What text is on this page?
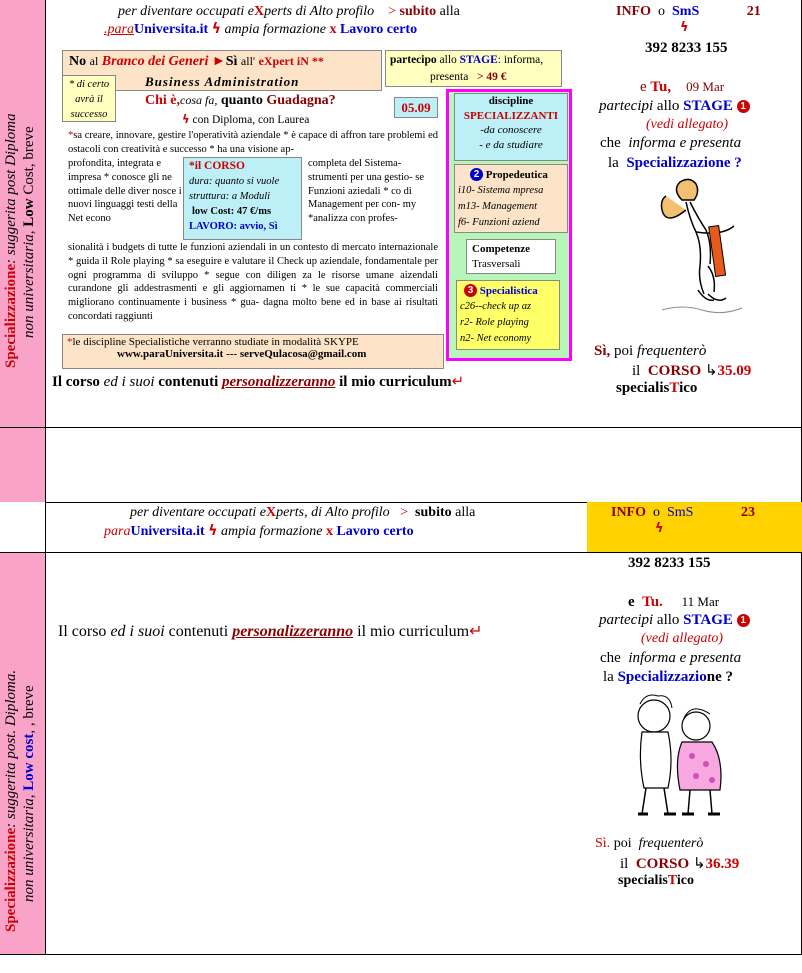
Specializzazione: suggerita post Diploma
non universitaria, Low Cost, breve
Specializzazione: suggerita post. Diploma.
non universitaria, Low cost, , breve
per diventare occupati eXperts di Alto profilo > subito alla
.paraUniversita.it ϟ ampia formazione x Lavoro certo
No al Branco dei Generi ►Sì all' eXpert iN **
Business Administration
partecipo allo STAGE: informa,
presenta > 49 €
* di certo avrà il successo
Chi è,cosa fa, quanto Guadagna?	05.09
ϟ con Diploma, con Laurea
*sa creare, innovare, gestire l'operatività aziendale * è capace di affron tare problemi ed ostacoli con creatività e successo * ha una visione ap-
profondita, integrata e impresa * conosce gli ne ottimale delle diver nosce i nuovi linguaggi testi della Net econo
completa del Sistema- strumenti per una gestio- se Funzioni aziedali * co di Management per con- my *analizza con profes-
*il CORSO
dura: quanto si vuole
struttura: a Moduli
low Cost: 47 €/ms
LAVORO: avvio, Sì
sionalità i budgets di tutte le funzioni aziendali in un contesto di mercato internazionale * guida il Role playing * sa eseguire e valutare il Check up aziendale, fondamentale per ogni programma di sviluppo * segue con diligen za le risorse umane aizendali curandone gli addestrasmenti e gli aggiornamen ti * le sue capacità commerciali migliorano continuamente i business * gua- dagna molto bene ed in base ai risultati concordati raggiunti
*le discipline Specialistiche verranno studiate in modalità SKYPE
www.paraUniversita.it --- serveQulacosa@gmail.com
Il corso ed i suoi contenuti personalizzeranno il mio curriculum↵
discipline
SPECIALIZZANTI
-da conoscere
- e da studiare
2 Propedeutica
i10- Sistema mpresa
m13- Management
f6- Funzioni aziend
Competenze
Trasversali
3 Specialistica
c26--check up az
r2- Role playing
n2- Net economy
INFO o SmS	21
ϟ
392 8233 155
e Tu, 09 Mar
partecipi allo STAGE 1
(vedi allegato)
che informa e presenta
la Specializzazione ?
Sì, poi frequenterò
il CORSO ↳35.09
specialisTico
per diventare occupati eXperts, di Alto profilo > subito alla
paraUniversita.it ϟ ampia formazione x Lavoro certo
INFO o SmS	23
ϟ
392 8233 155
e Tu. 11 Mar
partecipi allo STAGE 1
(vedi allegato)
che informa e presenta
la Specializzazione ?
Il corso ed i suoi contenuti personalizzeranno il mio curriculum↵
Sì. poi frequenterò
il CORSO ↳36.39
specialisTico
